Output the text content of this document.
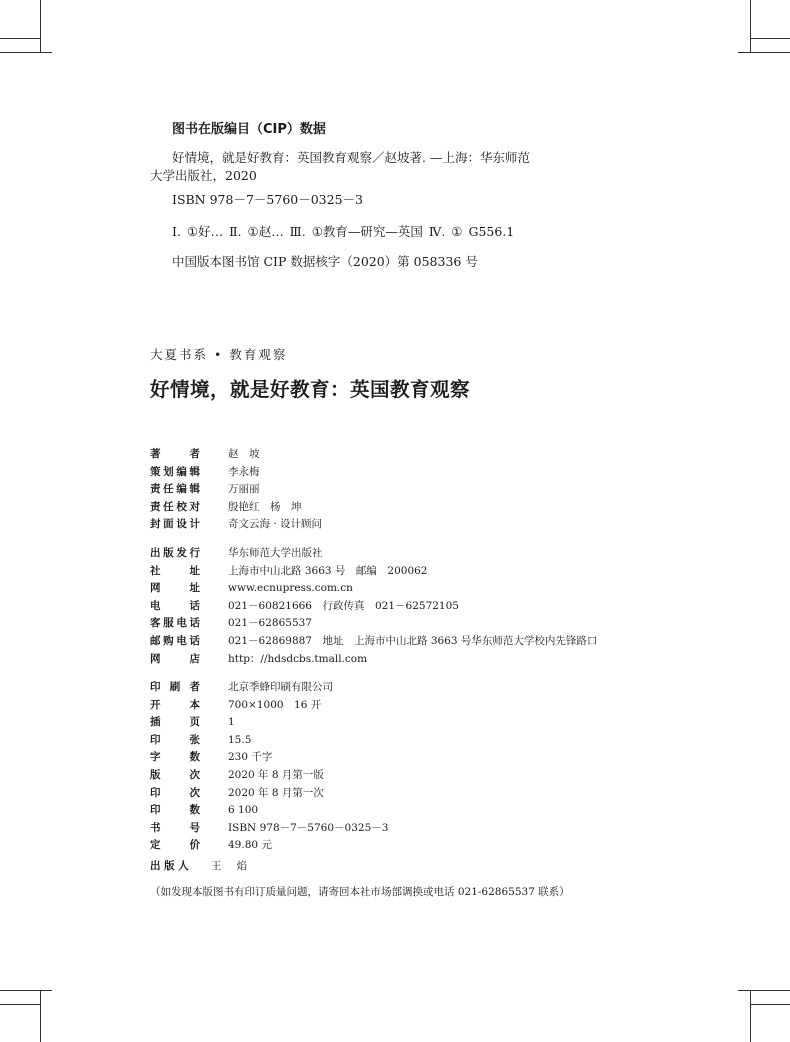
图书在版编目（CIP）数据
好情境，就是好教育：英国教育观察／赵坡著. —上海：华东师范
大学出版社，2020
ISBN 978－7－5760－0325－3
Ⅰ. ①好… Ⅱ. ①赵… Ⅲ. ①教育—研究—英国 Ⅳ. ① G556.1
中国版本图书馆 CIP 数据核字（2020）第 058336 号
大夏书系 • 教育观察
好情境，就是好教育：英国教育观察
著　者	赵　坡
策划编辑	李永梅
责任编辑	万丽丽
责任校对	殷艳红　杨　坤
封面设计	奇文云海 · 设计顾问
出版发行	华东师范大学出版社
社　址	上海市中山北路 3663 号　邮编　200062
网　址	www.ecnupress.com.cn
电　话	021－60821666　行政传真　021－62572105
客服电话	021－62865537
邮购电话	021－62869887　地址　上海市中山北路 3663 号华东师范大学校内先锋路口
网　店	http：//hdsdcbs.tmall.com
印 刷 者	北京季蜂印刷有限公司
开　本	700×1000　16 开
插　页	1
印　张	15.5
字　数	230 千字
版　次	2020 年 8 月第一版
印　次	2020 年 8 月第一次
印　数	6 100
书　号	ISBN 978－7－5760－0325－3
定　价	49.80 元
出 版 人 王 焰
（如发现本版图书有印订质量问题，请寄回本社市场部调换或电话 021-62865537 联系）
